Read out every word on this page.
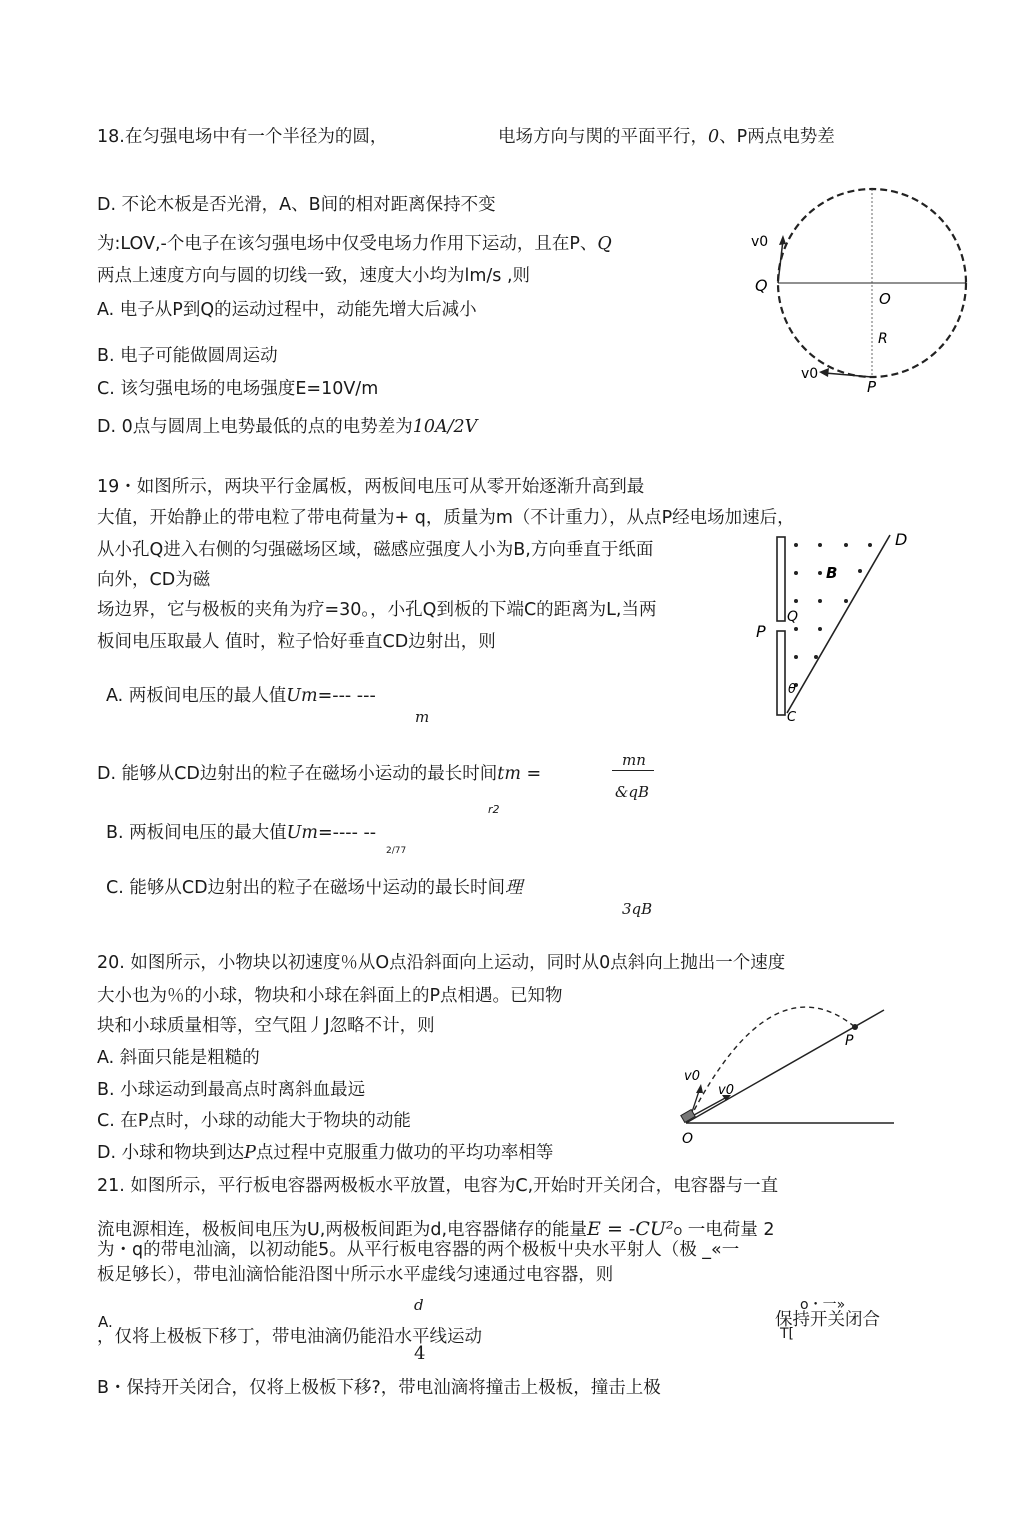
18.在匀强电场中有一个半径为的圆，	电场方向与関的平面平行，0、P两点电势差
D. 不论木板是否光滑，A、B间的相对距离保持不变
为:LOV,-个电子在该匀强电场中仅受电场力作用下运动，且在P、Q
两点上速度方向与圆的切线一致，速度大小均为lm/s ,则
A. 电子从P到Q的运动过程中，动能先增大后减小
B. 电子可能做圆周运动
C. 该匀强电场的电场强度E=10V/m
D. 0点与圆周上电势最低的点的电势差为10A/2V
v0
Q
O
R
v0
P
19・如图所示，两块平行金属板，两板间电压可从零开始逐渐升高到最
大值，开始静止的带电粒了带电荷量为+ q，质量为m（不计重力），从点P经电场加速后，
从小孔Q进入右侧的匀强磁场区域，磁感应强度人小为B,方向垂直于纸面
向外，CD为磁
场边界，它与极板的夹角为疗=30。，小孔Q到板的下端C的距离为L,当两
板间电压取最人 值时，粒子恰好垂直CD边射出，则
A. 两板间电压的最人值Um=--- ---
m
mn
D. 能够从CD边射出的粒子在磁场小运动的最长时间tm =
&qB
r2
B. 两板间电压的最大值Um=---- --
2/77
C. 能够从CD边射出的粒子在磁场屮运动的最长时间理
3qB
D
B
Q
P
θ
C
20. 如图所示，小物块以初速度％从O点沿斜面向上运动，同时从0点斜向上抛出一个速度
大小也为％的小球，物块和小球在斜面上的P点相遇。已知物
块和小球质量相等，空气阻丿J忽略不计，则
A. 斜面只能是粗糙的
B. 小球运动到最高点时离斜血最远
C. 在P点时，小球的动能大于物块的动能
D. 小球和物块到达P点过程中克服重力做功的平均功率相等
P
v0
v0
O
21. 如图所示，平行板电容器两极板水平放置，电容为C,开始时开关闭合，电容器与一直
流电源相连，极板间电压为U,两极板间距为d,电容器储存的能量E = -CU²O 一电荷量 2
为・q的带电汕滴，以初动能5。从平行板电容器的两个极板屮央水平射人（极 _«一
板足够长），带电汕滴恰能沿图屮所示水平虚线匀速通过电容器，则
d
A.
o・一»
保持开关闭合
T[
，仅将上极板下移丁，带电油滴仍能沿水平线运动
4
B・保持开关闭合，仅将上极板下移?，带电汕滴将撞击上极板，撞击上极
